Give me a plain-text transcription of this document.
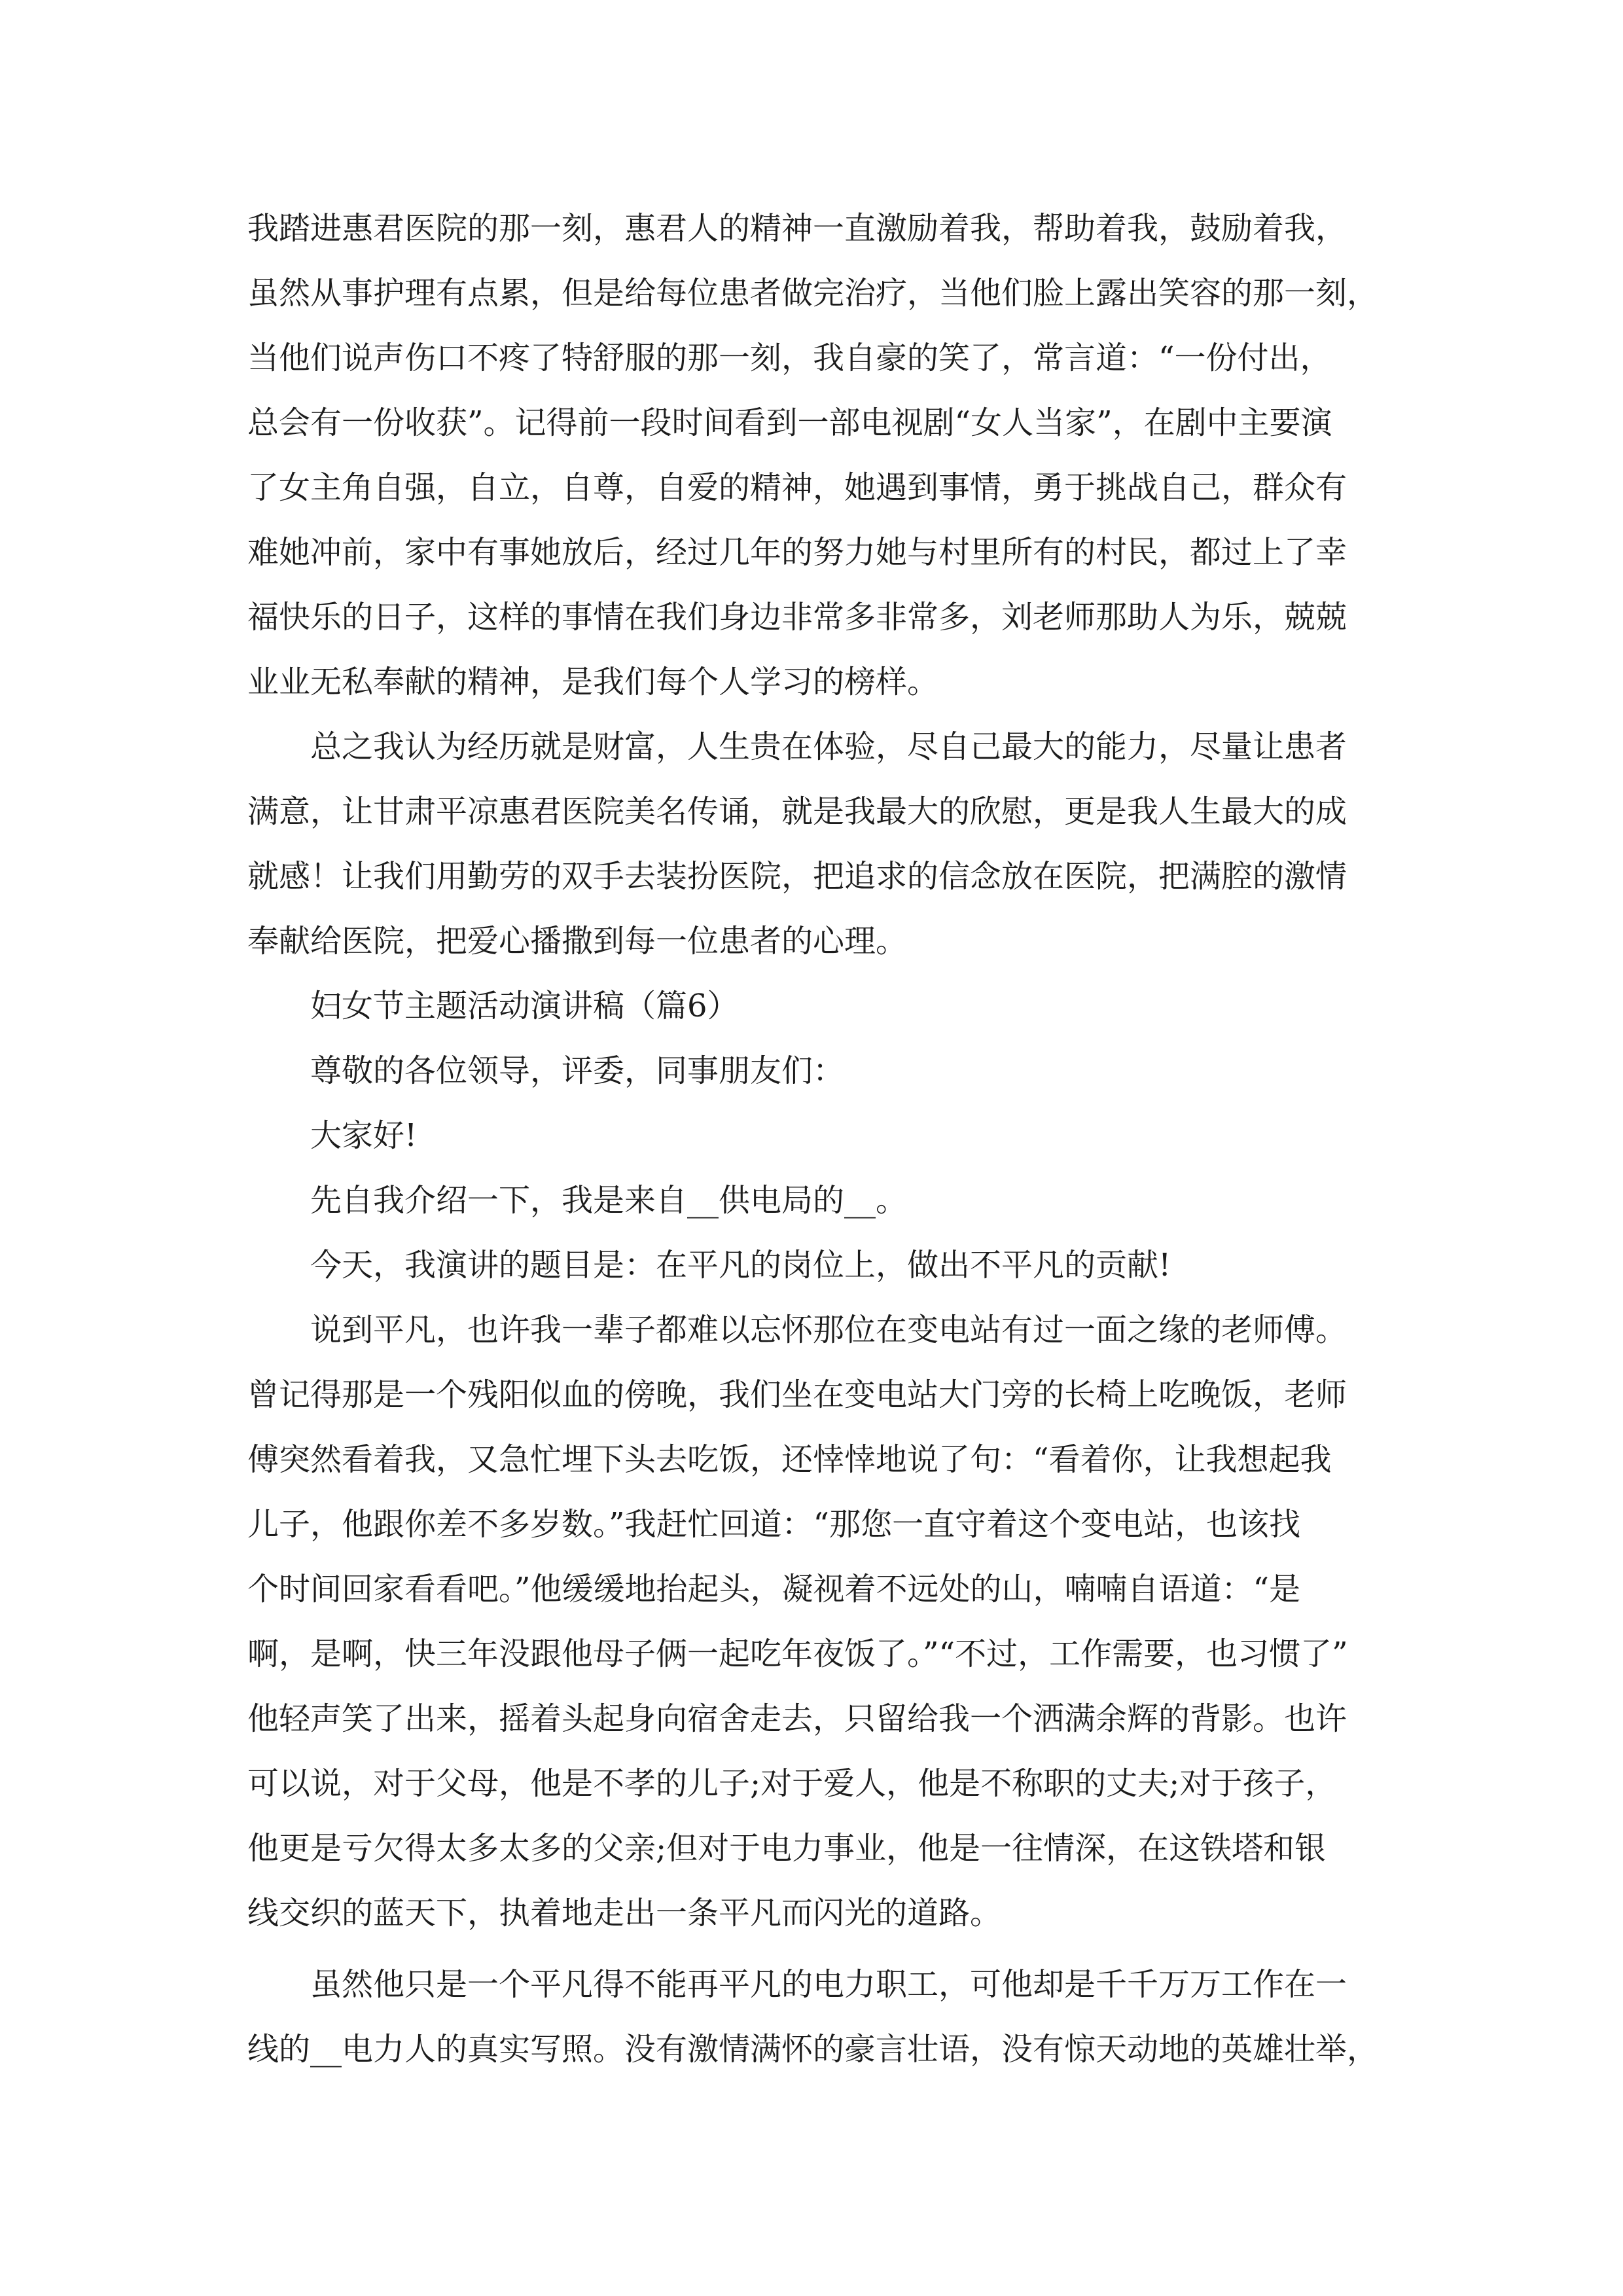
我踏进惠君医院的那一刻，惠君人的精神一直激励着我，帮助着我，鼓励着我，
虽然从事护理有点累，但是给每位患者做完治疗，当他们脸上露出笑容的那一刻，
当他们说声伤口不疼了特舒服的那一刻，我自豪的笑了，常言道：“一份付出，
总会有一份收获”。记得前一段时间看到一部电视剧“女人当家”，在剧中主要演
了女主角自强，自立，自尊，自爱的精神，她遇到事情，勇于挑战自己，群众有
难她冲前，家中有事她放后，经过几年的努力她与村里所有的村民，都过上了幸
福快乐的日子，这样的事情在我们身边非常多非常多，刘老师那助人为乐，兢兢
业业无私奉献的精神，是我们每个人学习的榜样。
总之我认为经历就是财富，人生贵在体验，尽自己最大的能力，尽量让患者
满意，让甘肃平凉惠君医院美名传诵，就是我最大的欣慰，更是我人生最大的成
就感！让我们用勤劳的双手去装扮医院，把追求的信念放在医院，把满腔的激情
奉献给医院，把爱心播撒到每一位患者的心理。
妇女节主题活动演讲稿（篇6）
尊敬的各位领导，评委，同事朋友们：
大家好!
先自我介绍一下，我是来自__供电局的__。
今天，我演讲的题目是：在平凡的岗位上，做出不平凡的贡献!
说到平凡，也许我一辈子都难以忘怀那位在变电站有过一面之缘的老师傅。
曾记得那是一个残阳似血的傍晚，我们坐在变电站大门旁的长椅上吃晚饭，老师
傅突然看着我，又急忙埋下头去吃饭，还悻悻地说了句：“看着你，让我想起我
儿子，他跟你差不多岁数。”我赶忙回道：“那您一直守着这个变电站，也该找
个时间回家看看吧。”他缓缓地抬起头，凝视着不远处的山，喃喃自语道：“是
啊，是啊，快三年没跟他母子俩一起吃年夜饭了。”“不过，工作需要，也习惯了”
他轻声笑了出来，摇着头起身向宿舍走去，只留给我一个洒满余辉的背影。也许
可以说，对于父母，他是不孝的儿子;对于爱人，他是不称职的丈夫;对于孩子，
他更是亏欠得太多太多的父亲;但对于电力事业，他是一往情深，在这铁塔和银
线交织的蓝天下，执着地走出一条平凡而闪光的道路。
虽然他只是一个平凡得不能再平凡的电力职工，可他却是千千万万工作在一
线的__电力人的真实写照。没有激情满怀的豪言壮语，没有惊天动地的英雄壮举，
